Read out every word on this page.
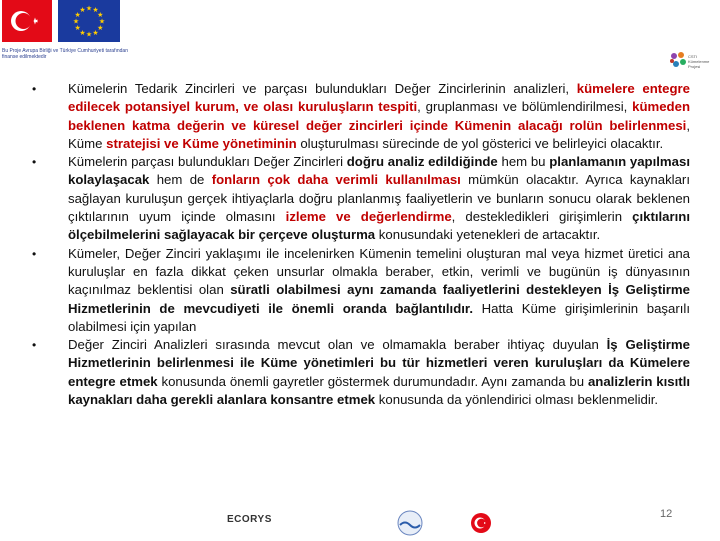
★
★
★
★
★
★
★
★
★ ★ ★
★
Bu Proje Avrupa Birliği ve Türkiye Cumhuriyeti tarafından finanse edilmektedir	CSTI Kümelenme Projesi

• Kümelerin Tedarik Zincirleri ve parçası bulundukları Değer Zincirlerinin analizleri, kümelere entegre edilecek potansiyel kurum, ve olası kuruluşların tespiti, gruplanması ve bölümlendirilmesi, kümeden beklenen katma değerin ve küresel değer zincirleri içinde Kümenin alacağı rolün belirlenmesi, Küme stratejisi ve Küme yönetiminin oluşturulması sürecinde de yol gösterici ve belirleyici olacaktır.

• Kümelerin parçası bulundukları Değer Zincirleri doğru analiz edildiğinde hem bu planlamanın yapılması kolaylaşacak hem de fonların çok daha verimli kullanılması mümkün olacaktır. Ayrıca kaynakları sağlayan kuruluşun gerçek ihtiyaçlarla doğru planlanmış faaliyetlerin ve bunların sonucu olarak beklenen çıktılarının uyum içinde olmasını izleme ve değerlendirme, destekledikleri girişimlerin çıktılarını ölçebilmelerini sağlayacak bir çerçeve oluşturma konusundaki yetenekleri de artacaktır.

• Kümeler, Değer Zinciri yaklaşımı ile incelenirken Kümenin temelini oluşturan mal veya hizmet üretici ana kuruluşlar en fazla dikkat çeken unsurlar olmakla beraber, etkin, verimli ve bugünün iş dünyasının kaçınılmaz beklentisi olan süratli olabilmesi aynı zamanda faaliyetlerini destekleyen İş Geliştirme Hizmetlerinin de mevcudiyeti ile önemli oranda bağlantılıdır. Hatta Küme girişimlerinin başarılı olabilmesi için yapılan

• Değer Zinciri Analizleri sırasında mevcut olan ve olmamakla beraber ihtiyaç duyulan İş Geliştirme Hizmetlerinin belirlenmesi ile Küme yönetimleri bu tür hizmetleri veren kuruluşları da Kümelere entegre etmek konusunda önemli gayretler göstermek durumundadır. Aynı zamanda bu analizlerin kısıtlı kaynakları daha gerekli alanlara konsantre etmek konusunda da yönlendirici olması beklenmelidir.

ECORYS	12
